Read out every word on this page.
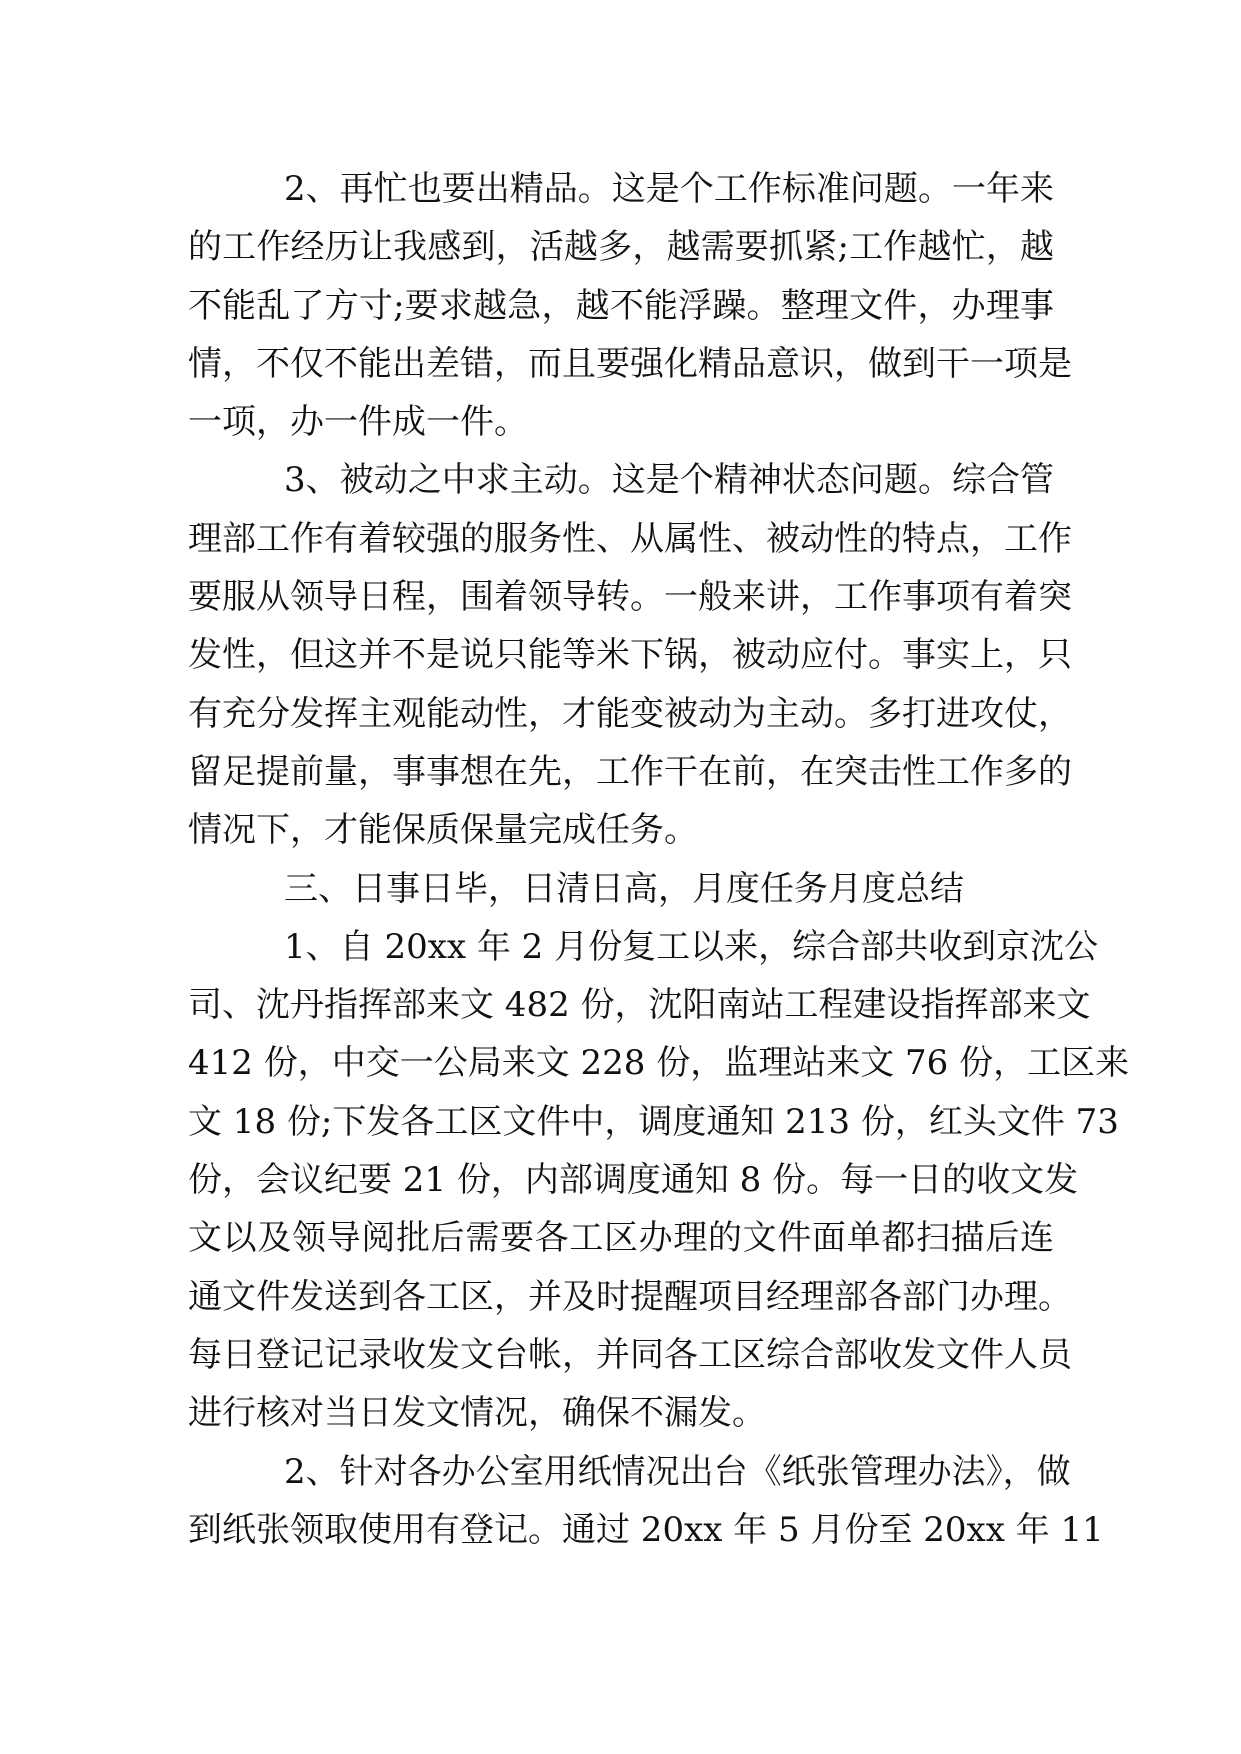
2、再忙也要出精品。这是个工作标准问题。一年来
的工作经历让我感到，活越多，越需要抓紧;工作越忙，越
不能乱了方寸;要求越急，越不能浮躁。整理文件，办理事
情，不仅不能出差错，而且要强化精品意识，做到干一项是
一项，办一件成一件。
3、被动之中求主动。这是个精神状态问题。综合管
理部工作有着较强的服务性、从属性、被动性的特点，工作
要服从领导日程，围着领导转。一般来讲，工作事项有着突
发性，但这并不是说只能等米下锅，被动应付。事实上，只
有充分发挥主观能动性，才能变被动为主动。多打进攻仗，
留足提前量，事事想在先，工作干在前，在突击性工作多的
情况下，才能保质保量完成任务。
三、日事日毕，日清日高，月度任务月度总结
1、自 20xx 年 2 月份复工以来，综合部共收到京沈公
司、沈丹指挥部来文 482 份，沈阳南站工程建设指挥部来文
412 份，中交一公局来文 228 份，监理站来文 76 份，工区来
文 18 份;下发各工区文件中，调度通知 213 份，红头文件 73
份，会议纪要 21 份，内部调度通知 8 份。每一日的收文发
文以及领导阅批后需要各工区办理的文件面单都扫描后连
通文件发送到各工区，并及时提醒项目经理部各部门办理。
每日登记记录收发文台帐，并同各工区综合部收发文件人员
进行核对当日发文情况，确保不漏发。
2、针对各办公室用纸情况出台《纸张管理办法》，做
到纸张领取使用有登记。通过 20xx 年 5 月份至 20xx 年 11
